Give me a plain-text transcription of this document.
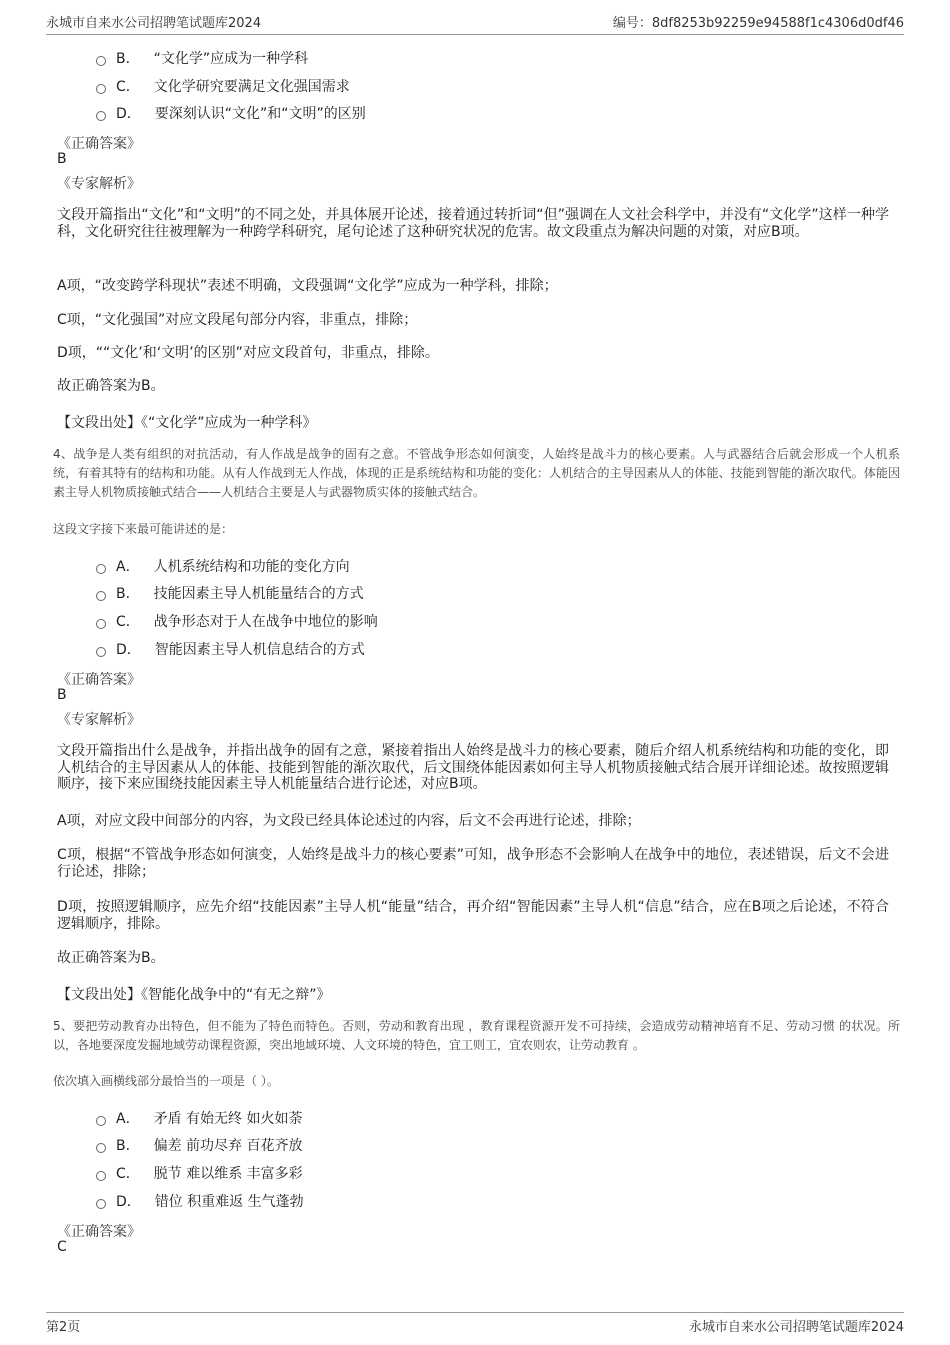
永城市自来水公司招聘笔试题库2024	编号：8df8253b92259e94588f1c4306d0df46
B． “文化学”应成为一种学科
C． 文化学研究要满足文化强国需求
D． 要深刻认识“文化”和“文明”的区别
《正确答案》
B
《专家解析》
文段开篇指出“文化”和“文明”的不同之处，并具体展开论述，接着通过转折词“但”强调在人文社会科学中，并没有“文化学”这样一种学科，文化研究往往被理解为一种跨学科研究，尾句论述了这种研究状况的危害。故文段重点为解决问题的对策，对应B项。
A项，“改变跨学科现状”表述不明确，文段强调“文化学”应成为一种学科，排除；
C项，“文化强国”对应文段尾句部分内容，非重点，排除；
D项，““文化’和‘文明’的区别”对应文段首句，非重点，排除。
故正确答案为B。
【文段出处】《“文化学”应成为一种学科》
4、战争是人类有组织的对抗活动，有人作战是战争的固有之意。不管战争形态如何演变，人始终是战斗力的核心要素。人与武器结合后就会形成一个人机系统，有着其特有的结构和功能。从有人作战到无人作战，体现的正是系统结构和功能的变化：人机结合的主导因素从人的体能、技能到智能的渐次取代。体能因素主导人机物质接触式结合——人机结合主要是人与武器物质实体的接触式结合。
这段文字接下来最可能讲述的是：
A． 人机系统结构和功能的变化方向
B． 技能因素主导人机能量结合的方式
C． 战争形态对于人在战争中地位的影响
D． 智能因素主导人机信息结合的方式
《正确答案》
B
《专家解析》
文段开篇指出什么是战争，并指出战争的固有之意，紧接着指出人始终是战斗力的核心要素，随后介绍人机系统结构和功能的变化，即人机结合的主导因素从人的体能、技能到智能的渐次取代，后文围绕体能因素如何主导人机物质接触式结合展开详细论述。故按照逻辑顺序，接下来应围绕技能因素主导人机能量结合进行论述，对应B项。
A项，对应文段中间部分的内容，为文段已经具体论述过的内容，后文不会再进行论述，排除；
C项，根据“不管战争形态如何演变，人始终是战斗力的核心要素”可知，战争形态不会影响人在战争中的地位，表述错误，后文不会进行论述，排除；
D项，按照逻辑顺序，应先介绍“技能因素”主导人机“能量”结合，再介绍“智能因素”主导人机“信息”结合，应在B项之后论述，不符合逻辑顺序，排除。
故正确答案为B。
【文段出处】《智能化战争中的“有无之辩”》
5、要把劳动教育办出特色，但不能为了特色而特色。否则，劳动和教育出现 ，教育课程资源开发不可持续，会造成劳动精神培育不足、劳动习惯 的状况。所以，各地要深度发掘地域劳动课程资源，突出地域环境、人文环境的特色，宜工则工，宜农则农，让劳动教育 。
依次填入画横线部分最恰当的一项是（ ）。
A． 矛盾 有始无终 如火如荼
B． 偏差 前功尽弃 百花齐放
C． 脱节 难以维系 丰富多彩
D． 错位 积重难返 生气蓬勃
《正确答案》
C
第2页	永城市自来水公司招聘笔试题库2024
